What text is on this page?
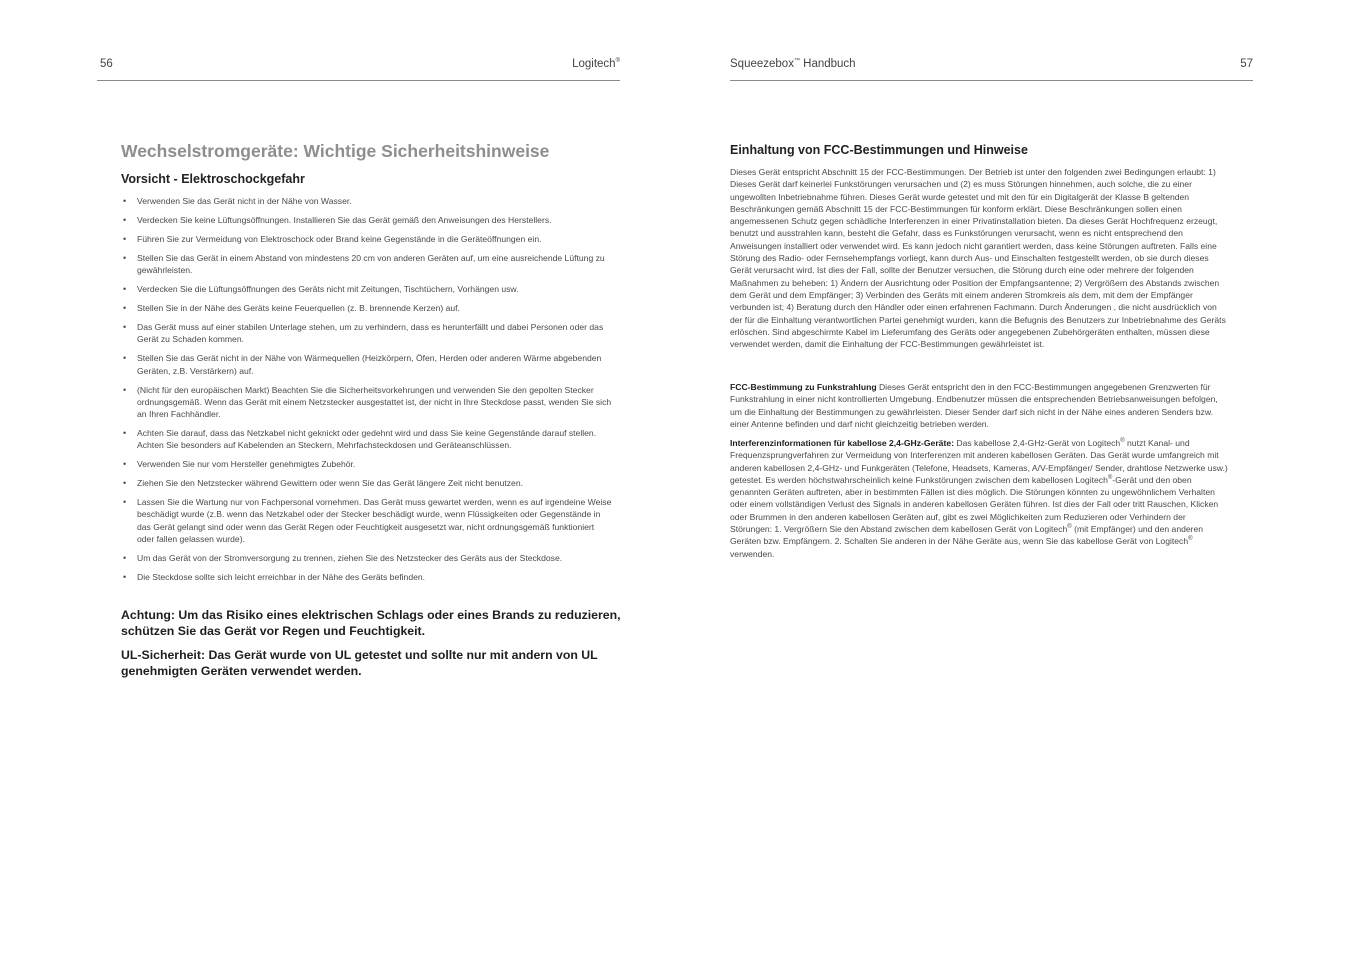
56	Logitech®
Wechselstromgeräte: Wichtige Sicherheitshinweise
Vorsicht - Elektroschockgefahr
• Verwenden Sie das Gerät nicht in der Nähe von Wasser.
• Verdecken Sie keine Lüftungsöffnungen. Installieren Sie das Gerät gemäß den Anweisungen des Herstellers.
• Führen Sie zur Vermeidung von Elektroschock oder Brand keine Gegenstände in die Geräteöffnungen ein.
• Stellen Sie das Gerät in einem Abstand von mindestens 20 cm von anderen Geräten auf, um eine ausreichende Lüftung zu gewährleisten.
• Verdecken Sie die Lüftungsöffnungen des Geräts nicht mit Zeitungen, Tischtüchern, Vorhängen usw.
• Stellen Sie in der Nähe des Geräts keine Feuerquellen (z. B. brennende Kerzen) auf.
• Das Gerät muss auf einer stabilen Unterlage stehen, um zu verhindern, dass es herunterfällt und dabei Personen oder das Gerät zu Schaden kommen.
• Stellen Sie das Gerät nicht in der Nähe von Wärmequellen (Heizkörpern, Öfen, Herden oder anderen Wärme abgebenden Geräten, z.B. Verstärkern) auf.
• (Nicht für den europäischen Markt) Beachten Sie die Sicherheitsvorkehrungen und verwenden Sie den gepolten Stecker ordnungsgemäß. Wenn das Gerät mit einem Netzstecker ausgestattet ist, der nicht in Ihre Steckdose passt, wenden Sie sich an Ihren Fachhändler.
• Achten Sie darauf, dass das Netzkabel nicht geknickt oder gedehnt wird und dass Sie keine Gegenstände darauf stellen. Achten Sie besonders auf Kabelenden an Steckern, Mehrfachsteckdosen und Geräteanschlüssen.
• Verwenden Sie nur vom Hersteller genehmigtes Zubehör.
• Ziehen Sie den Netzstecker während Gewittern oder wenn Sie das Gerät längere Zeit nicht benutzen.
• Lassen Sie die Wartung nur von Fachpersonal vornehmen. Das Gerät muss gewartet werden, wenn es auf irgendeine Weise beschädigt wurde (z.B. wenn das Netzkabel oder der Stecker beschädigt wurde, wenn Flüssigkeiten oder Gegenstände in das Gerät gelangt sind oder wenn das Gerät Regen oder Feuchtigkeit ausgesetzt war, nicht ordnungsgemäß funktioniert oder fallen gelassen wurde).
• Um das Gerät von der Stromversorgung zu trennen, ziehen Sie des Netzstecker des Geräts aus der Steckdose.
• Die Steckdose sollte sich leicht erreichbar in der Nähe des Geräts befinden.

Achtung: Um das Risiko eines elektrischen Schlags oder eines Brands zu reduzieren, schützen Sie das Gerät vor Regen und Feuchtigkeit.

UL-Sicherheit: Das Gerät wurde von UL getestet und sollte nur mit andern von UL genehmigten Geräten verwendet werden.

Squeezebox™ Handbuch	57
Einhaltung von FCC-Bestimmungen und Hinweise

Dieses Gerät entspricht Abschnitt 15 der FCC-Bestimmungen. Der Betrieb ist unter den folgenden zwei Bedingungen erlaubt: 1) Dieses Gerät darf keinerlei Funkstörungen verursachen und (2) es muss Störungen hinnehmen, auch solche, die zu einer ungewollten Inbetriebnahme führen. Dieses Gerät wurde getestet und mit den für ein Digitalgerät der Klasse B geltenden Beschränkungen gemäß Abschnitt 15 der FCC-Bestimmungen für konform erklärt. Diese Beschränkungen sollen einen angemessenen Schutz gegen schädliche Interferenzen in einer Privatinstallation bieten. Da dieses Gerät Hochfrequenz erzeugt, benutzt und ausstrahlen kann, besteht die Gefahr, dass es Funkstörungen verursacht, wenn es nicht entsprechend den Anweisungen installiert oder verwendet wird. Es kann jedoch nicht garantiert werden, dass keine Störungen auftreten. Falls eine Störung des Radio- oder Fernsehempfangs vorliegt, kann durch Aus- und Einschalten festgestellt werden, ob sie durch dieses Gerät verursacht wird. Ist dies der Fall, sollte der Benutzer versuchen, die Störung durch eine oder mehrere der folgenden Maßnahmen zu beheben: 1) Ändern der Ausrichtung oder Position der Empfangsantenne; 2) Vergrößern des Abstands zwischen dem Gerät und dem Empfänger; 3) Verbinden des Geräts mit einem anderen Stromkreis als dem, mit dem der Empfänger verbunden ist; 4) Beratung durch den Händler oder einen erfahrenen Fachmann. Durch Änderungen , die nicht ausdrücklich von der für die Einhaltung verantwortlichen Partei genehmigt wurden, kann die Befugnis des Benutzers zur Inbetriebnahme des Geräts erlöschen. Sind abgeschirmte Kabel im Lieferumfang des Geräts oder angegebenen Zubehörgeräten enthalten, müssen diese verwendet werden, damit die Einhaltung der FCC-Bestimmungen gewährleistet ist.

FCC-Bestimmung zu Funkstrahlung Dieses Gerät entspricht den in den FCC-Bestimmungen angegebenen Grenzwerten für Funkstrahlung in einer nicht kontrollierten Umgebung. Endbenutzer müssen die entsprechenden Betriebsanweisungen befolgen, um die Einhaltung der Bestimmungen zu gewährleisten. Dieser Sender darf sich nicht in der Nähe eines anderen Senders bzw. einer Antenne befinden und darf nicht gleichzeitig betrieben werden.

Interferenzinformationen für kabellose 2,4-GHz-Geräte: Das kabellose 2,4-GHz-Gerät von Logitech® nutzt Kanal- und Frequenzsprungverfahren zur Vermeidung von Interferenzen mit anderen kabellosen Geräten. Das Gerät wurde umfangreich mit anderen kabellosen 2,4-GHz- und Funkgeräten (Telefone, Headsets, Kameras, A/V-Empfänger/ Sender, drahtlose Netzwerke usw.) getestet. Es werden höchstwahrscheinlich keine Funkstörungen zwischen dem kabellosen Logitech®-Gerät und den oben genannten Geräten auftreten, aber in bestimmten Fällen ist dies möglich. Die Störungen könnten zu ungewöhnlichem Verhalten oder einem vollständigen Verlust des Signals in anderen kabellosen Geräten führen. Ist dies der Fall oder tritt Rauschen, Klicken oder Brummen in den anderen kabellosen Geräten auf, gibt es zwei Möglichkeiten zum Reduzieren oder Verhindern der Störungen: 1. Vergrößern Sie den Abstand zwischen dem kabellosen Gerät von Logitech® (mit Empfänger) und den anderen Geräten bzw. Empfängern. 2. Schalten Sie anderen in der Nähe Geräte aus, wenn Sie das kabellose Gerät von Logitech® verwenden.
